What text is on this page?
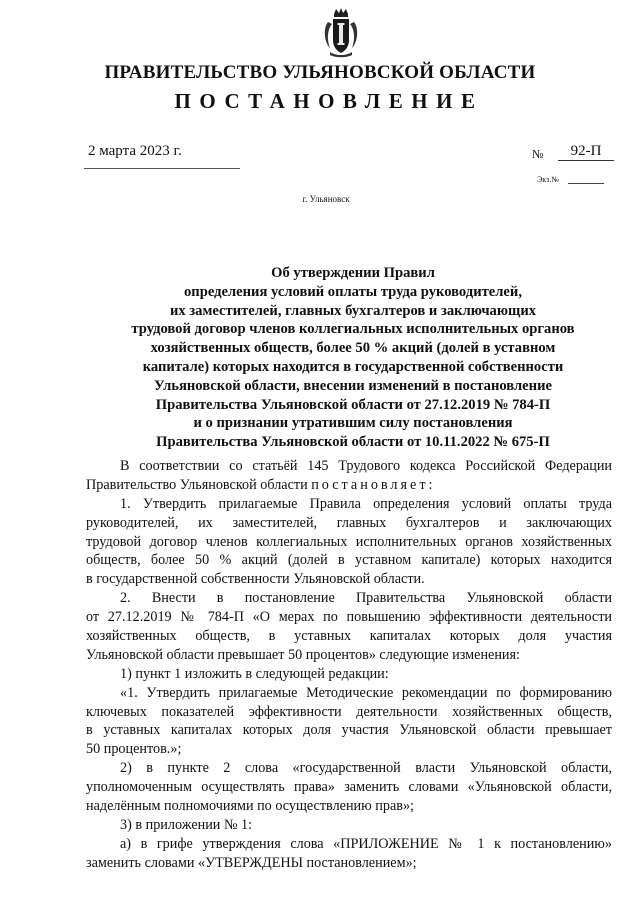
ПРАВИТЕЛЬСТВО УЛЬЯНОВСКОЙ ОБЛАСТИ
ПОСТАНОВЛЕНИЕ
2 марта 2023 г.	№	92-П
Экз.№
г. Ульяновск
Об утверждении Правил
определения условий оплаты труда руководителей,
их заместителей, главных бухгалтеров и заключающих
трудовой договор членов коллегиальных исполнительных органов
хозяйственных обществ, более 50 % акций (долей в уставном
капитале) которых находится в государственной собственности
Ульяновской области, внесении изменений в постановление
Правительства Ульяновской области от 27.12.2019 № 784-П
и о признании утратившим силу постановления
Правительства Ульяновской области от 10.11.2022 № 675-П
В соответствии со статьёй 145 Трудового кодекса Российской Федерации
Правительство Ульяновской области постановляет:
1. Утвердить прилагаемые Правила определения условий оплаты труда
руководителей, их заместителей, главных бухгалтеров и заключающих
трудовой договор членов коллегиальных исполнительных органов хозяйственных
обществ, более 50 % акций (долей в уставном капитале) которых находится
в государственной собственности Ульяновской области.
2. Внести в постановление Правительства Ульяновской области
от 27.12.2019 № 784-П «О мерах по повышению эффективности деятельности
хозяйственных обществ, в уставных капиталах которых доля участия
Ульяновской области превышает 50 процентов» следующие изменения:
1) пункт 1 изложить в следующей редакции:
«1. Утвердить прилагаемые Методические рекомендации по формированию
ключевых показателей эффективности деятельности хозяйственных обществ,
в уставных капиталах которых доля участия Ульяновской области превышает
50 процентов.»;
2) в пункте 2 слова «государственной власти Ульяновской области,
уполномоченным осуществлять права» заменить словами «Ульяновской области,
наделённым полномочиями по осуществлению прав»;
3) в приложении № 1:
а) в грифе утверждения слова «ПРИЛОЖЕНИЕ № 1 к постановлению»
заменить словами «УТВЕРЖДЕНЫ постановлением»;
